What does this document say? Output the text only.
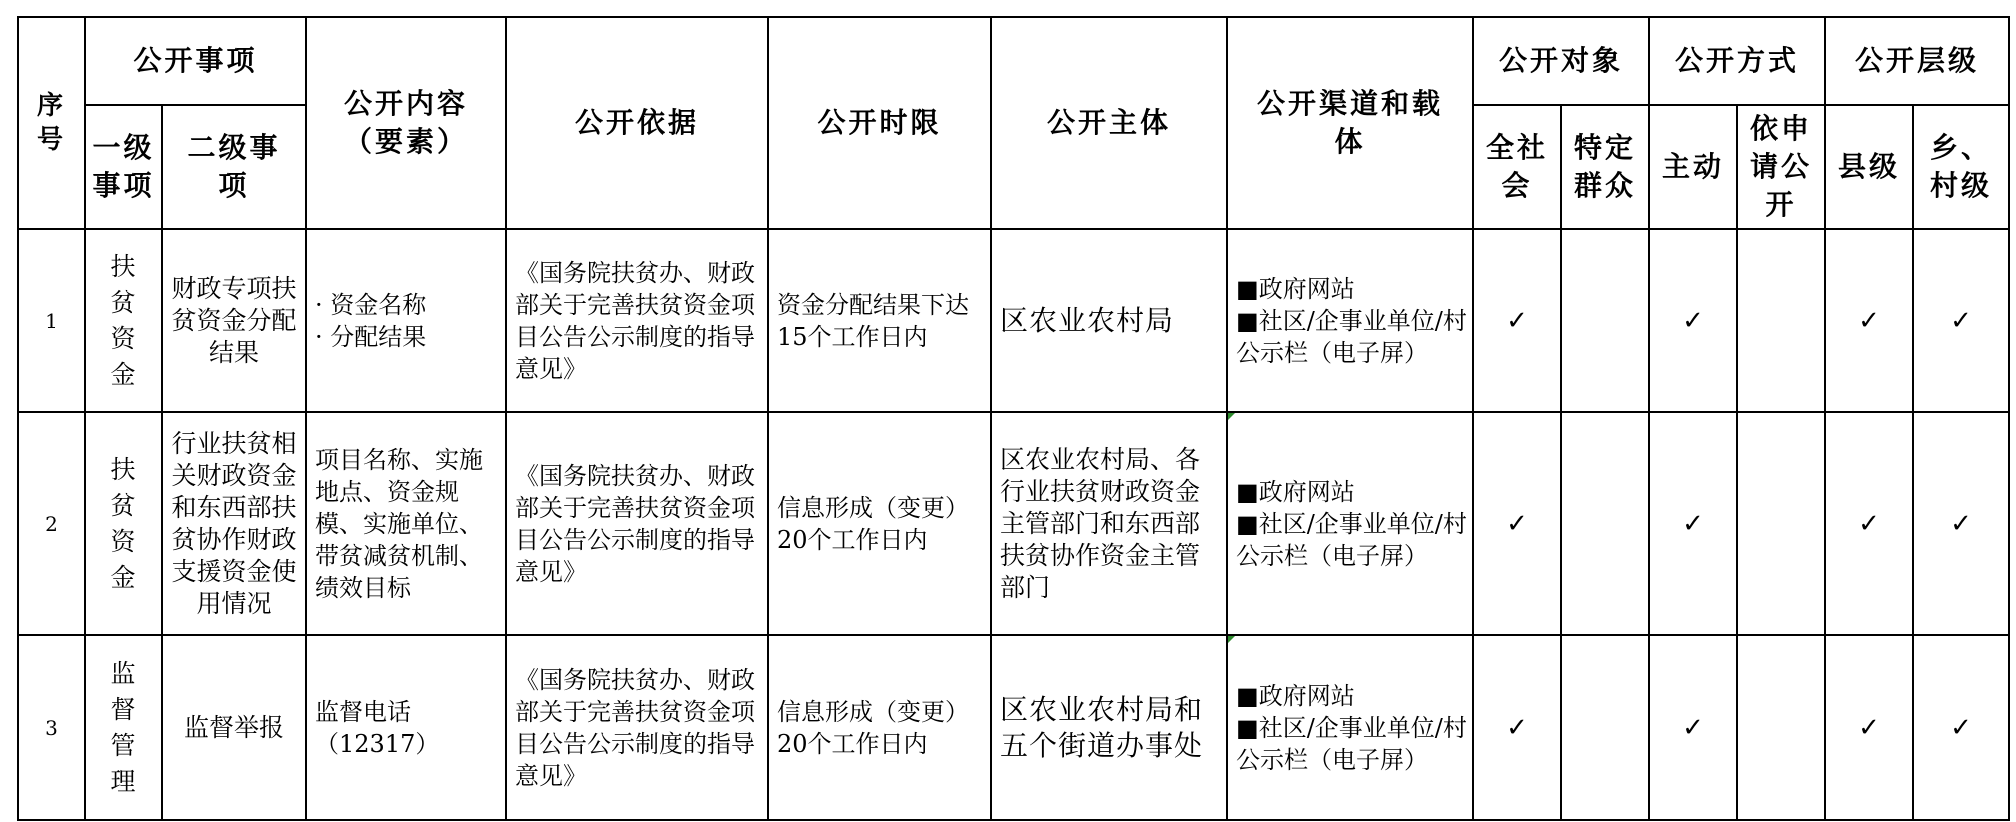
序号	公开事项		公开内容（要素）	公开依据	公开时限	公开主体	公开渠道和载体	公开对象		公开方式		公开层级	
	一级事项	二级事项						全社会	特定群众	主动	依申请公开	县级	乡、村级
1	扶贫资金	财政专项扶贫资金分配结果	· 资金名称
· 分配结果	《国务院扶贫办、财政部关于完善扶贫资金项目公告公示制度的指导意见》	资金分配结果下达15个工作日内	区农业农村局	■政府网站
■社区/企事业单位/村公示栏（电子屏）	✓		✓		✓	✓
2	扶贫资金	行业扶贫相关财政资金和东西部扶贫协作财政支援资金使用情况	项目名称、实施地点、资金规模、实施单位、带贫减贫机制、绩效目标	《国务院扶贫办、财政部关于完善扶贫资金项目公告公示制度的指导意见》	信息形成（变更）20个工作日内	区农业农村局、各行业扶贫财政资金主管部门和东西部扶贫协作资金主管部门	■政府网站
■社区/企事业单位/村公示栏（电子屏）	✓		✓		✓	✓
3	监督管理	监督举报	监督电话
（12317）	《国务院扶贫办、财政部关于完善扶贫资金项目公告公示制度的指导意见》	信息形成（变更）20个工作日内	区农业农村局和五个街道办事处	■政府网站
■社区/企事业单位/村公示栏（电子屏）	✓		✓		✓	✓
